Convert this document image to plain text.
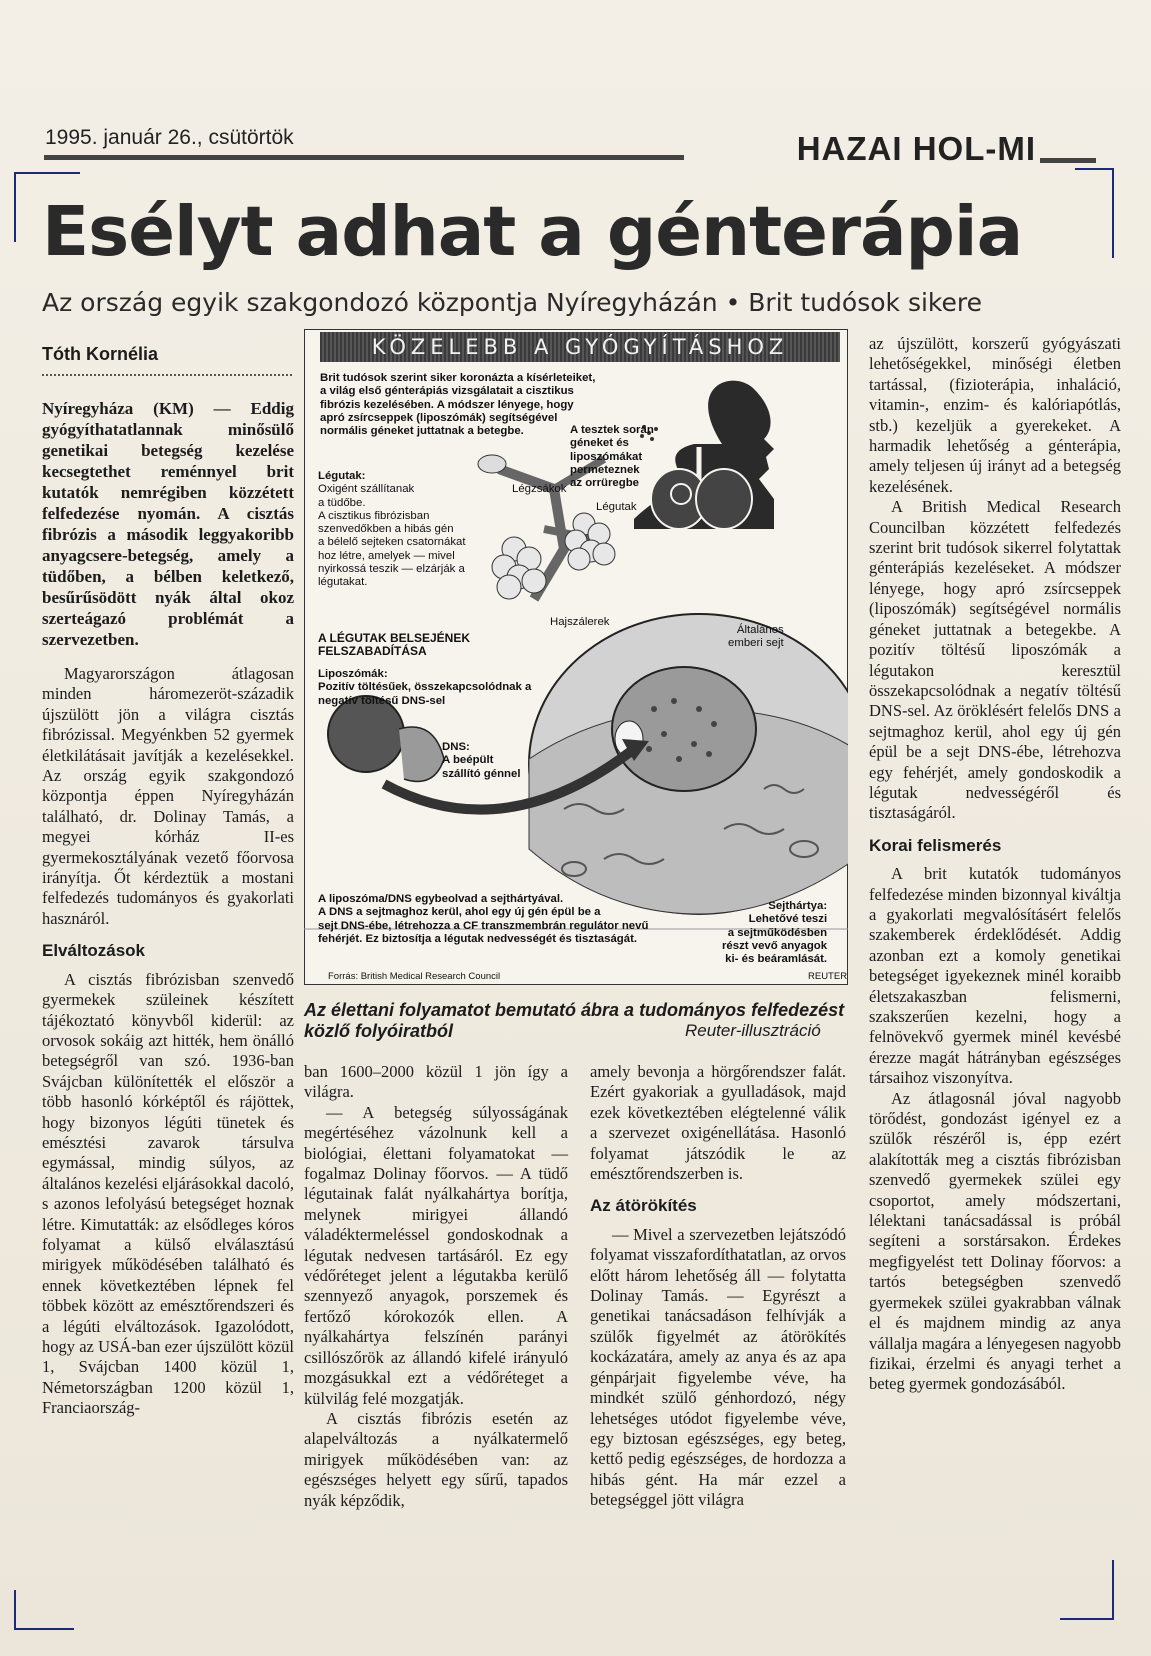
1995. január 26., csütörtök	HAZAI HOL-MI
Esélyt adhat a génterápia
Az ország egyik szakgondozó központja Nyíregyházán • Brit tudósok sikere
Tóth Kornélia

Nyíregyháza (KM) — Eddig gyógyíthatatlannak minősülő genetikai betegség kezelése kecsegtethet reménnyel brit kutatók nemrégiben közzétett felfedezése nyomán. A cisztás fibrózis a második leggyakoribb anyagcsere-betegség, amely a tüdőben, a bélben keletkező, besűrűsödött nyák által okoz szerteágazó problémát a szervezetben.

Magyarországon átlagosan minden háromezeröt-századik újszülött jön a világra cisztás fibrózissal. Megyénkben 52 gyermek életkilátásait javítják a kezelésekkel. Az ország egyik szakgondozó központja éppen Nyíregyházán található, dr. Dolinay Tamás, a megyei kórház II-es gyermekosztályának vezető főorvosa irányítja. Őt kérdeztük a mostani felfedezés tudományos és gyakorlati hasznáról.

Elváltozások

A cisztás fibrózisban szenvedő gyermekek szüleinek készített tájékoztató könyvből kiderül: az orvosok sokáig azt hitték, hem önálló betegségről van szó. 1936-ban Svájcban különítették el először a több hasonló kórképtől és rájöttek, hogy bizonyos légúti tünetek és emésztési zavarok társulva egymással, mindig súlyos, az általános kezelési eljárásokkal dacoló, s azonos lefolyású betegséget hoznak létre. Kimutatták: az elsődleges kóros folyamat a külső elválasztású mirigyek működésében található és ennek következtében lépnek fel többek között az emésztőrendszeri és a légúti elváltozások. Igazolódott, hogy az USÁ-ban ezer újszülött közül 1, Svájcban 1400 közül 1, Németországban 1200 közül 1, Franciaország-

KÖZELEBB A GYÓGYÍTÁSHOZ
Brit tudósok szerint siker koronázta a kísérleteiket,
a világ első génterápiás vizsgálatait a cisztikus
fibrózis kezelésében. A módszer lényege, hogy
apró zsírcseppek (liposzómák) segítségével
normális géneket juttatnak a betegbe.	A tesztek során
géneket és
liposzómákat
permeteznek
az orrüregbe
Légutak:
Oxigént szállítanak
a tüdőbe.
A cisztikus fibrózisban
szenvedőkben a hibás gén
a bélelő sejteken csatornákat
hoz létre, amelyek — mivel
nyirkossá teszik — elzárják a
légutakat.
Légzsákok
Légutak
Hajszálerek
Általános
emberi sejt
A LÉGUTAK BELSEJÉNEK
FELSZABADÍTÁSA
Liposzómák:
Pozitív töltésűek, összekapcsolódnak a
negatív töltésű DNS-sel
DNS:
A beépült
szállító génnel
A liposzóma/DNS egybeolvad a sejthártyával.
A DNS a sejtmaghoz kerül, ahol egy új gén épül be a
sejt DNS-ébe, létrehozza a CF transzmembrán regulátor nevű
fehérjét. Ez biztosítja a légutak nedvességét és tisztaságát.
Sejthártya:
Lehetővé teszi
a sejtműködésben
részt vevő anyagok
ki- és beáramlását.
Forrás: British Medical Research Council	REUTER
Az élettani folyamatot bemutató ábra a tudományos felfedezést közlő folyóiratból	Reuter-illusztráció

ban 1600–2000 közül 1 jön így a világra.

— A betegség súlyosságának megértéséhez vázolnunk kell a biológiai, élettani folyamatokat — fogalmaz Dolinay főorvos. — A tüdő légutainak falát nyálkahártya borítja, melynek mirigyei állandó váladéktermeléssel gondoskodnak a légutak nedvesen tartásáról. Ez egy védőréteget jelent a légutakba kerülő szennyező anyagok, porszemek és fertőző kórokozók ellen. A nyálkahártya felszínén parányi csillószőrök az állandó kifelé irányuló mozgásukkal ezt a védőréteget a külvilág felé mozgatják.

A cisztás fibrózis esetén az alapelváltozás a nyálkatermelő mirigyek működésében van: az egészséges helyett egy sűrű, tapados nyák képződik,

amely bevonja a hörgőrendszer falát. Ezért gyakoriak a gyulladások, majd ezek következtében elégtelenné válik a szervezet oxigénellátása. Hasonló folyamat játszódik le az emésztőrendszerben is.

Az átörökítés

— Mivel a szervezetben lejátszódó folyamat visszafordíthatatlan, az orvos előtt három lehetőség áll — folytatta Dolinay Tamás. — Egyrészt a genetikai tanácsadáson felhívják a szülők figyelmét az átörökítés kockázatára, amely az anya és az apa génpárjait figyelembe véve, ha mindkét szülő génhordozó, négy lehetséges utódot figyelembe véve, egy biztosan egészséges, egy beteg, kettő pedig egészséges, de hordozza a hibás gént. Ha már ezzel a betegséggel jött világra

az újszülött, korszerű gyógyászati lehetőségekkel, minőségi életben tartással, (fizioterápia, inhaláció, vitamin-, enzim- és kalóriapótlás, stb.) kezeljük a gyerekeket. A harmadik lehetőség a génterápia, amely teljesen új irányt ad a betegség kezelésének.

A British Medical Research Councilban közzétett felfedezés szerint brit tudósok sikerrel folytattak génterápiás kezeléseket. A módszer lényege, hogy apró zsírcseppek (liposzómák) segítségével normális géneket juttatnak a betegekbe. A pozitív töltésű liposzómák a légutakon keresztül összekapcsolódnak a negatív töltésű DNS-sel. Az öröklésért felelős DNS a sejtmaghoz kerül, ahol egy új gén épül be a sejt DNS-ébe, létrehozva egy fehérjét, amely gondoskodik a légutak nedvességéről és tisztaságáról.

Korai felismerés

A brit kutatók tudományos felfedezése minden bizonnyal kiváltja a gyakorlati megvalósításért felelős szakemberek érdeklődését. Addig azonban ezt a komoly genetikai betegséget igyekeznek minél koraibb életszakaszban felismerni, szakszerűen kezelni, hogy a felnövekvő gyermek minél kevésbé érezze magát hátrányban egészséges társaihoz viszonyítva.

Az átlagosnál jóval nagyobb törődést, gondozást igényel ez a szülők részéről is, épp ezért alakították meg a cisztás fibrózisban szenvedő gyermekek szülei egy csoportot, amely módszertani, lélektani tanácsadással is próbál segíteni a sorstársakon. Érdekes megfigyelést tett Dolinay főorvos: a tartós betegségben szenvedő gyermekek szülei gyakrabban válnak el és majdnem mindig az anya vállalja magára a lényegesen nagyobb fizikai, érzelmi és anyagi terhet a beteg gyermek gondozásából.
